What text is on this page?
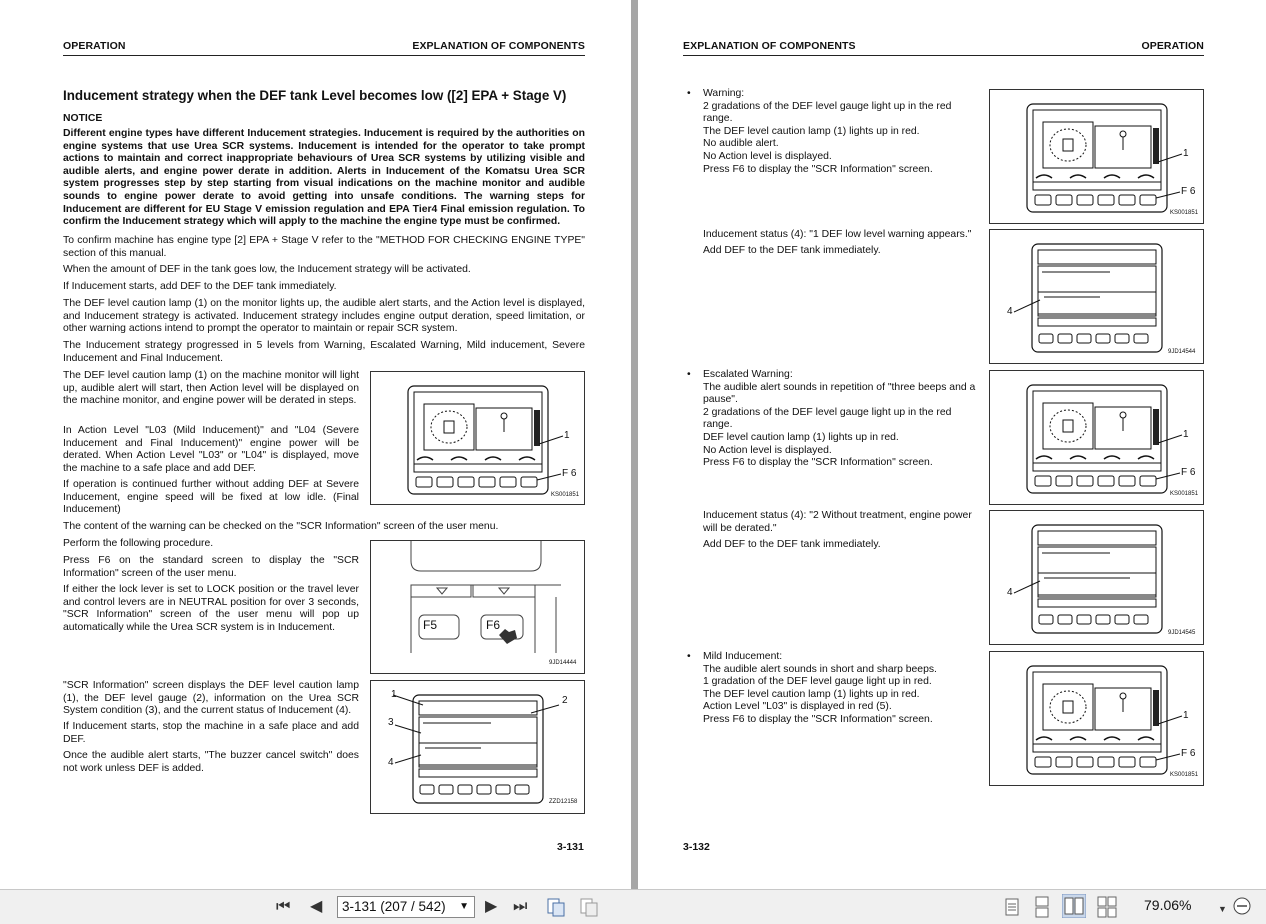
OPERATION	EXPLANATION OF COMPONENTS
Inducement strategy when the DEF tank Level becomes low ([2] EPA + Stage V)
NOTICE
Different engine types have different Inducement strategies. Inducement is required by the authorities on engine systems that use Urea SCR systems. Inducement is intended for the operator to take prompt actions to maintain and correct inappropriate behaviours of Urea SCR systems by utilizing visible and audible alerts, and engine power derate in addition. Alerts in Inducement of the Komatsu Urea SCR system progresses step by step starting from visual indications on the machine monitor and audible sounds to engine power derate to avoid getting into unsafe conditions. The warning steps for Inducement are different for EU Stage V emission regulation and EPA Tier4 Final emission regulation. To confirm the Inducement strategy which will apply to the machine the engine type must be confirmed.
To confirm machine has engine type [2] EPA + Stage V refer to the "METHOD FOR CHECKING ENGINE TYPE" section of this manual.
When the amount of DEF in the tank goes low, the Inducement strategy will be activated.
If Inducement starts, add DEF to the DEF tank immediately.
The DEF level caution lamp (1) on the monitor lights up, the audible alert starts, and the Action level is displayed, and Inducement strategy is activated. Inducement strategy includes engine output deration, speed limitation, or other warning actions intend to prompt the operator to maintain or repair SCR system.
The Inducement strategy progressed in 5 levels from Warning, Escalated Warning, Mild inducement, Severe Inducement and Final Inducement.
The DEF level caution lamp (1) on the machine monitor will light up, audible alert will start, then Action level will be displayed on the machine monitor, and engine power will be derated in steps.
In Action Level "L03 (Mild Inducement)" and "L04 (Severe Inducement and Final Inducement)" engine power will be derated. When Action Level "L03" or "L04" is displayed, move the machine to a safe place and add DEF.
If operation is continued further without adding DEF at Severe Inducement, engine speed will be fixed at low idle. (Final Inducement)
1
F 6
KS001851
The content of the warning can be checked on the "SCR Information" screen of the user menu.
Perform the following procedure.
Press F6 on the standard screen to display the "SCR Information" screen of the user menu.
If either the lock lever is set to LOCK position or the travel lever and control levers are in NEUTRAL position for over 3 seconds, "SCR Information" screen of the user menu will pop up automatically while the Urea SCR system is in Inducement.	F5	F6
9JD14444
"SCR Information" screen displays the DEF level caution lamp (1), the DEF level gauge (2), information on the Urea SCR System condition (3), and the current status of Inducement (4).
If Inducement starts, stop the machine in a safe place and add DEF.
Once the audible alert starts, "The buzzer cancel switch" does not work unless DEF is added.
1
2
3
4
ZZD12158
3-131
EXPLANATION OF COMPONENTS	OPERATION
• Warning:
2 gradations of the DEF level gauge light up in the red range.
The DEF level caution lamp (1) lights up in red.
No audible alert.
No Action level is displayed.
Press F6 to display the "SCR Information" screen.
Inducement status (4): "1 DEF low level warning appears."
Add DEF to the DEF tank immediately.
• Escalated Warning:
The audible alert sounds in repetition of "three beeps and a pause".
2 gradations of the DEF level gauge light up in the red range.
DEF level caution lamp (1) lights up in red.
No Action level is displayed.
Press F6 to display the "SCR Information" screen.
Inducement status (4): "2 Without treatment, engine power will be derated."
Add DEF to the DEF tank immediately.
• Mild Inducement:
The audible alert sounds in short and sharp beeps.
1 gradation of the DEF level gauge light up in red.
The DEF level caution lamp (1) lights up in red.
Action Level "L03" is displayed in red (5).
Press F6 to display the "SCR Information" screen.
1
F 6
KS001851
4
9JD14544
1
F 6
KS001851
4
9JD14545
1
F 6
KS001851
3-132
⏮ ◀	3-131 (207 / 542) ▼ ▶ ⏭	79.06%	▼
